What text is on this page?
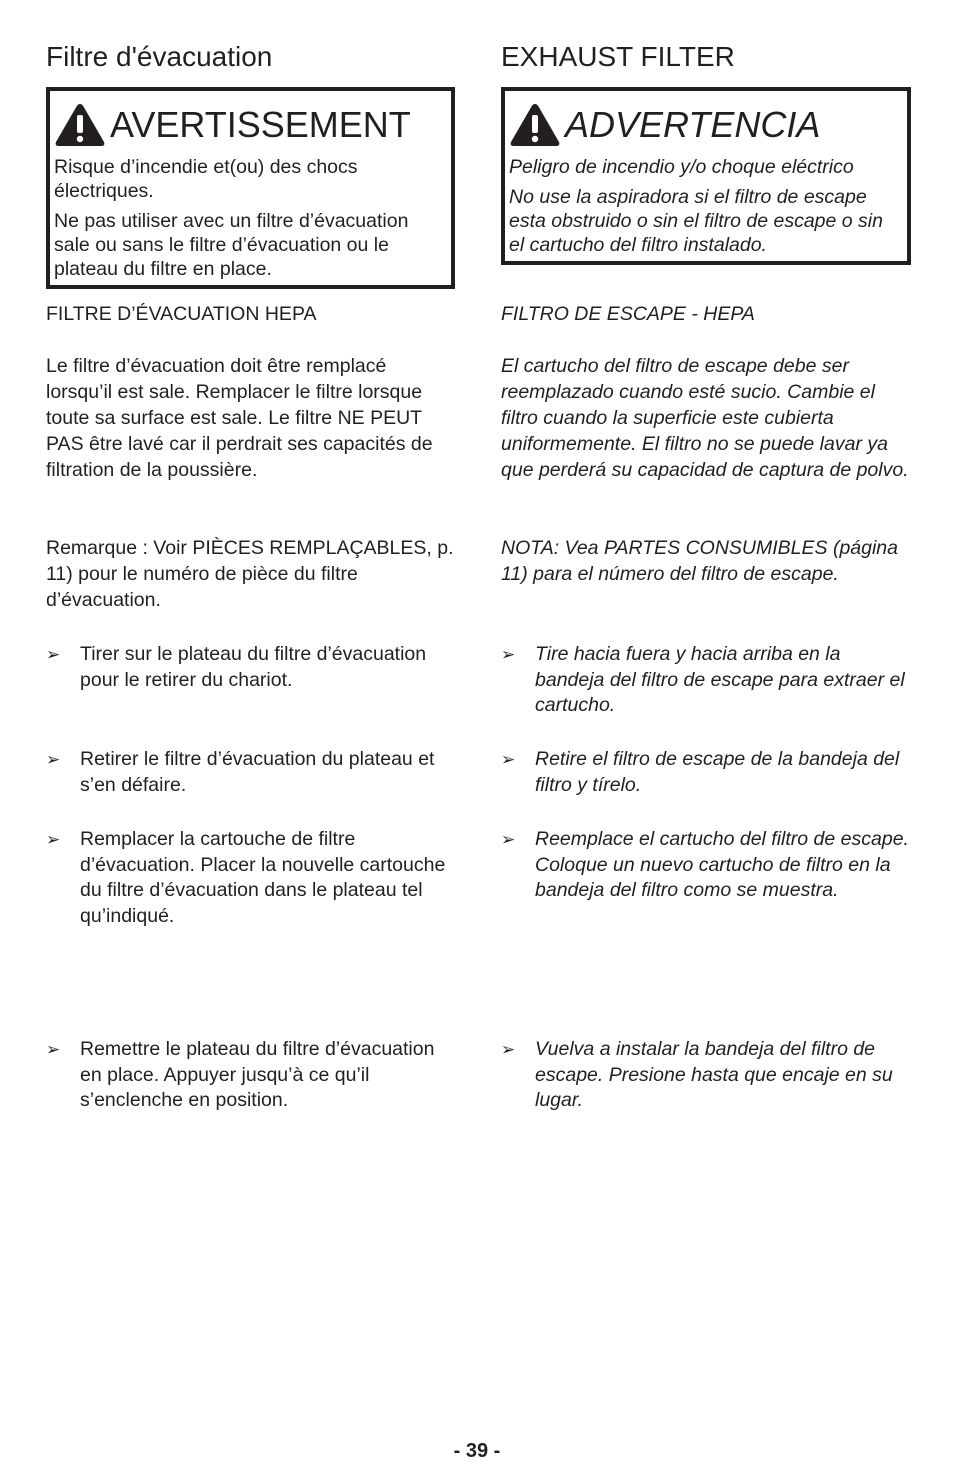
Filtre d'évacuation
AVERTISSEMENT

Risque d’incendie et(ou) des chocs électriques.

Ne pas utiliser avec un filtre d’évacuation sale ou sans le filtre d’évacuation ou le plateau du filtre en place.

FILTRE D’ÉVACUATION HEPA

Le filtre d’évacuation doit être remplacé lorsqu’il est sale. Remplacer le filtre lorsque toute sa surface est sale. Le filtre NE PEUT PAS être lavé car il perdrait ses capacités de filtration de la poussière.

Remarque : Voir PIÈCES REMPLAÇABLES, p. 11) pour le numéro de pièce du filtre d’évacuation.

➢	Tirer sur le plateau du filtre d’évacuation pour le retirer du chariot.
➢	Retirer le filtre d’évacuation du plateau et s’en défaire.
➢	Remplacer la cartouche de filtre d’évacuation. Placer la nouvelle cartouche du filtre d’évacuation dans le plateau tel qu’indiqué.
➢	Remettre le plateau du filtre d’évacuation en place. Appuyer jusqu’à ce qu’il s’enclenche en position.
EXHAUST FILTER
ADVERTENCIA

Peligro de incendio y/o choque eléctrico

No use la aspiradora si el filtro de escape esta obstruido o sin el filtro de escape o sin el cartucho del filtro instalado.

FILTRO DE ESCAPE - HEPA

El cartucho del filtro de escape debe ser reemplazado cuando esté sucio. Cambie el filtro cuando la superficie este cubierta uniformemente. El filtro no se puede lavar ya que perderá su capacidad de captura de polvo.

NOTA: Vea PARTES CONSUMIBLES (página 11) para el número del filtro de escape.

➢	Tire hacia fuera y hacia arriba en la bandeja del filtro de escape para extraer el cartucho.
➢	Retire el filtro de escape de la bandeja del filtro y tírelo.
➢	Reemplace el cartucho del filtro de escape. Coloque un nuevo cartucho de filtro en la bandeja del filtro como se muestra.
➢	Vuelva a instalar la bandeja del filtro de escape. Presione hasta que encaje en su lugar.
- 39 -
